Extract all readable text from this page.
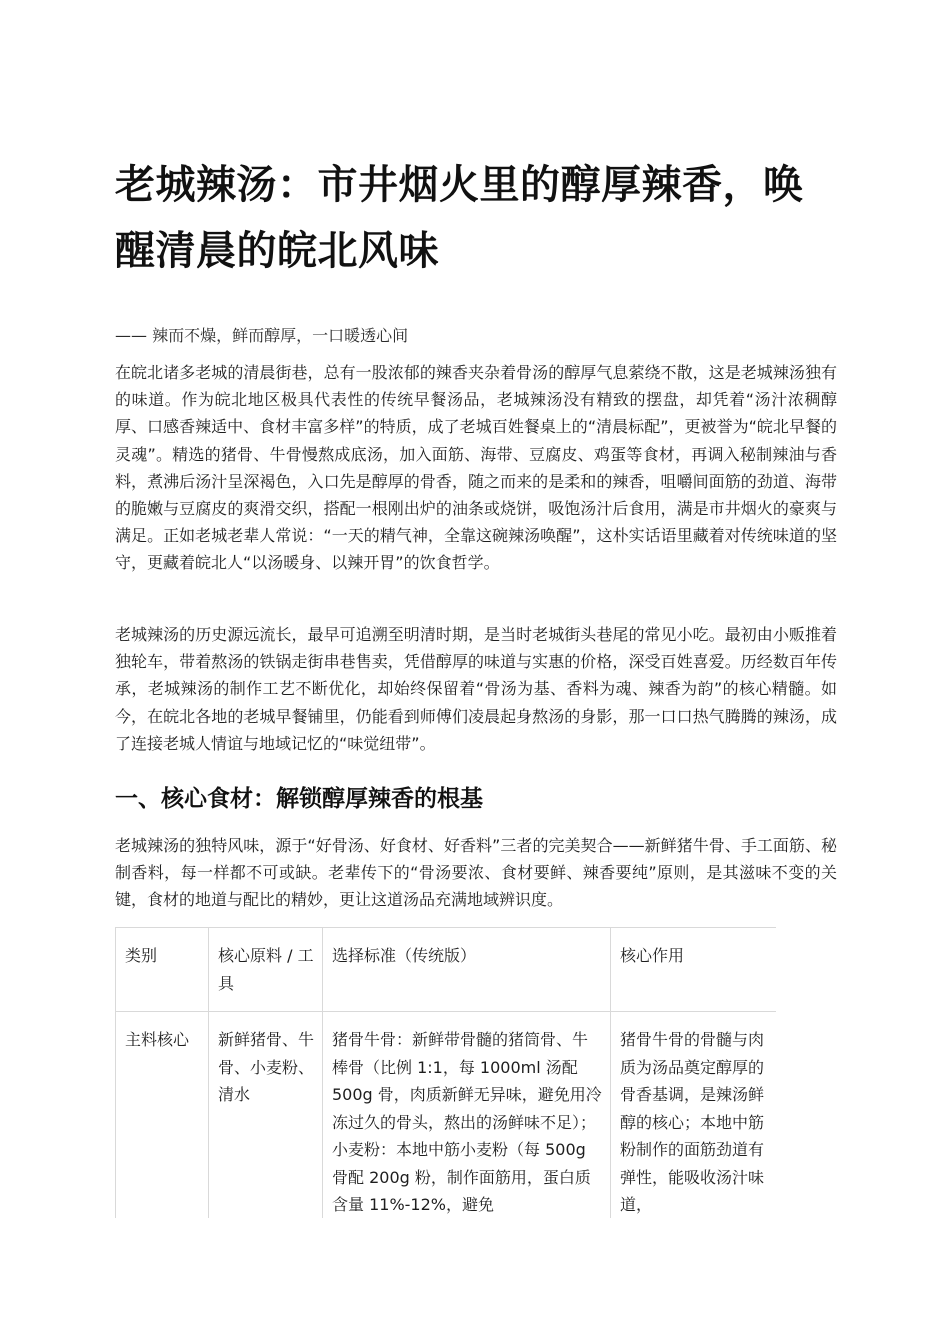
老城辣汤：市井烟火里的醇厚辣香，唤醒清晨的皖北风味

—— 辣而不燥，鲜而醇厚，一口暖透心间

在皖北诸多老城的清晨街巷，总有一股浓郁的辣香夹杂着骨汤的醇厚气息萦绕不散，这是老城辣汤独有的味道。作为皖北地区极具代表性的传统早餐汤品，老城辣汤没有精致的摆盘，却凭着“汤汁浓稠醇厚、口感香辣适中、食材丰富多样”的特质，成了老城百姓餐桌上的“清晨标配”，更被誉为“皖北早餐的灵魂”。精选的猪骨、牛骨慢熬成底汤，加入面筋、海带、豆腐皮、鸡蛋等食材，再调入秘制辣油与香料，煮沸后汤汁呈深褐色，入口先是醇厚的骨香，随之而来的是柔和的辣香，咀嚼间面筋的劲道、海带的脆嫩与豆腐皮的爽滑交织，搭配一根刚出炉的油条或烧饼，吸饱汤汁后食用，满是市井烟火的豪爽与满足。正如老城老辈人常说：“一天的精气神，全靠这碗辣汤唤醒”，这朴实话语里藏着对传统味道的坚守，更藏着皖北人“以汤暖身、以辣开胃”的饮食哲学。

老城辣汤的历史源远流长，最早可追溯至明清时期，是当时老城街头巷尾的常见小吃。最初由小贩推着独轮车，带着熬汤的铁锅走街串巷售卖，凭借醇厚的味道与实惠的价格，深受百姓喜爱。历经数百年传承，老城辣汤的制作工艺不断优化，却始终保留着“骨汤为基、香料为魂、辣香为韵”的核心精髓。如今，在皖北各地的老城早餐铺里，仍能看到师傅们凌晨起身熬汤的身影，那一口口热气腾腾的辣汤，成了连接老城人情谊与地域记忆的“味觉纽带”。

一、核心食材：解锁醇厚辣香的根基

老城辣汤的独特风味，源于“好骨汤、好食材、好香料”三者的完美契合——新鲜猪牛骨、手工面筋、秘制香料，每一样都不可或缺。老辈传下的“骨汤要浓、食材要鲜、辣香要纯”原则，是其滋味不变的关键，食材的地道与配比的精妙，更让这道汤品充满地域辨识度。

类别	核心原料 / 工具	选择标准（传统版）	核心作用
主料核心	新鲜猪骨、牛骨、小麦粉、清水	猪骨牛骨：新鲜带骨髓的猪筒骨、牛棒骨（比例 1:1，每 1000ml 汤配 500g 骨，肉质新鲜无异味，避免用冷冻过久的骨头，熬出的汤鲜味不足）；小麦粉：本地中筋小麦粉（每 500g 骨配 200g 粉，制作面筋用，蛋白质含量 11%-12%，避免	猪骨牛骨的骨髓与肉质为汤品奠定醇厚的骨香基调，是辣汤鲜醇的核心；本地中筋粉制作的面筋劲道有弹性，能吸收汤汁味道，
